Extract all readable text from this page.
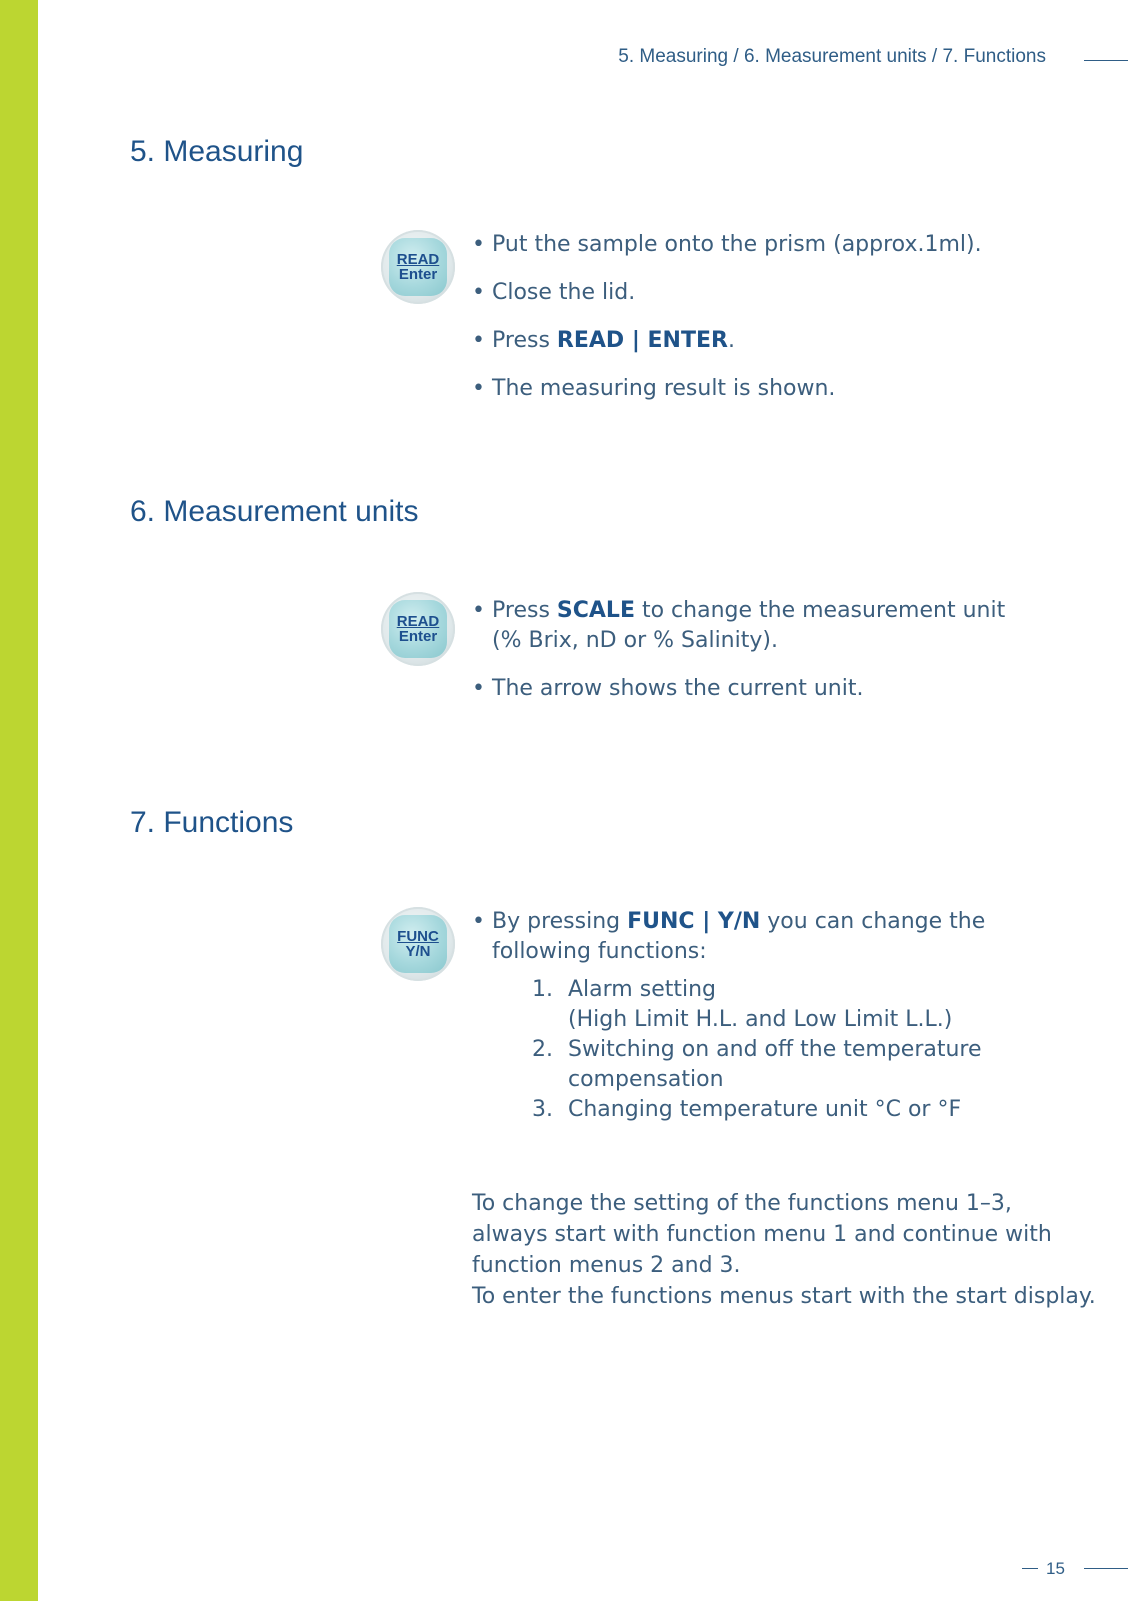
5. Measuring / 6. Measurement units / 7. Functions
5. Measuring
READ
Enter
• Put the sample onto the prism (approx.1ml).
• Close the lid.
• Press READ | ENTER.
• The measuring result is shown.
6. Measurement units
READ
Enter
• Press SCALE to change the measurement unit
(% Brix, nD or % Salinity).
• The arrow shows the current unit.
7. Functions
FUNC
Y/N
• By pressing FUNC | Y/N you can change the
following functions:
1. Alarm setting
(High Limit H.L. and Low Limit L.L.)
2. Switching on and off the temperature
compensation
3. Changing temperature unit °C or °F
To change the setting of the functions menu 1–3,
always start with function menu 1 and continue with
function menus 2 and 3.
To enter the functions menus start with the start display.
15
